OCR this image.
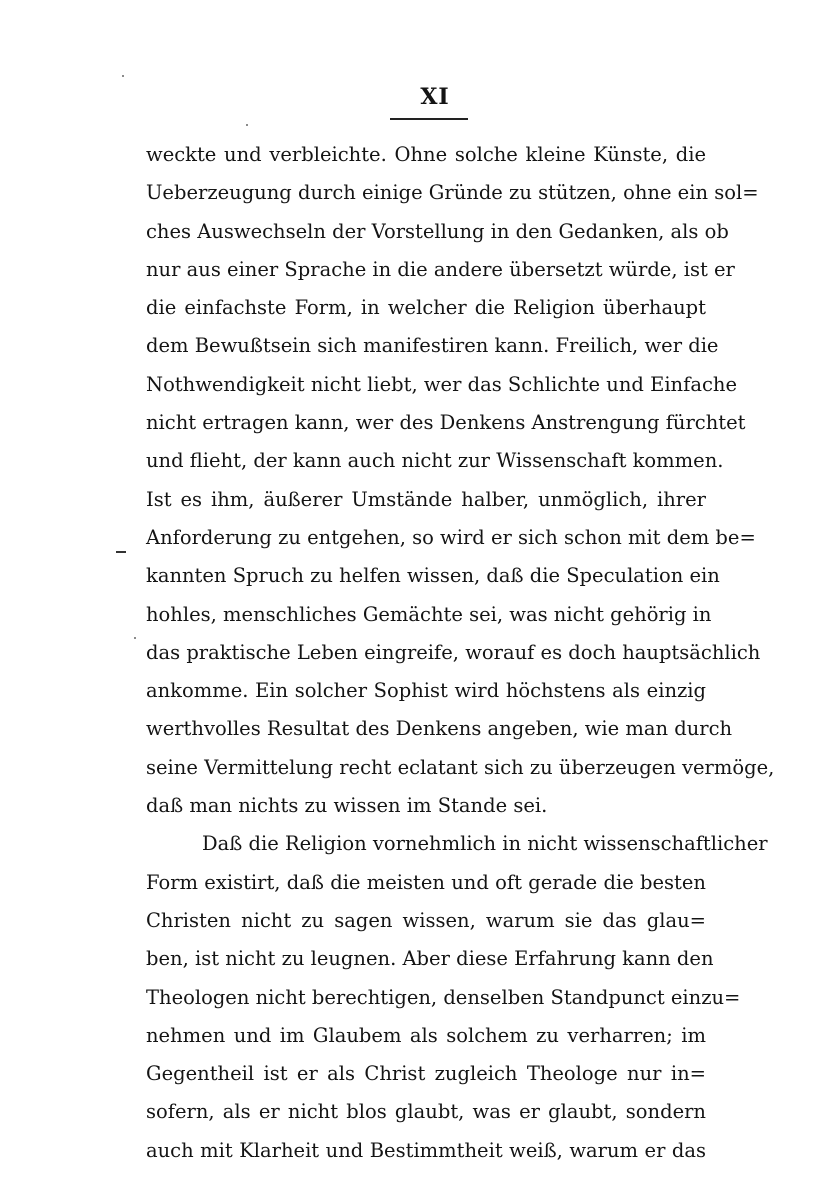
XI
weckte und verbleichte. Ohne solche kleine Künste, die
Ueberzeugung durch einige Gründe zu stützen, ohne ein sol=
ches Auswechseln der Vorstellung in den Gedanken, als ob
nur aus einer Sprache in die andere übersetzt würde, ist er
die einfachste Form, in welcher die Religion überhaupt
dem Bewußtsein sich manifestiren kann. Freilich, wer die
Nothwendigkeit nicht liebt, wer das Schlichte und Einfache
nicht ertragen kann, wer des Denkens Anstrengung fürchtet
und flieht, der kann auch nicht zur Wissenschaft kommen.
Ist es ihm, äußerer Umstände halber, unmöglich, ihrer
Anforderung zu entgehen, so wird er sich schon mit dem be=
kannten Spruch zu helfen wissen, daß die Speculation ein
hohles, menschliches Gemächte sei, was nicht gehörig in
das praktische Leben eingreife, worauf es doch hauptsächlich
ankomme. Ein solcher Sophist wird höchstens als einzig
werthvolles Resultat des Denkens angeben, wie man durch
seine Vermittelung recht eclatant sich zu überzeugen vermöge,
daß man nichts zu wissen im Stande sei.
Daß die Religion vornehmlich in nicht wissenschaftlicher
Form existirt, daß die meisten und oft gerade die besten
Christen nicht zu sagen wissen, warum sie das glau=
ben, ist nicht zu leugnen. Aber diese Erfahrung kann den
Theologen nicht berechtigen, denselben Standpunct einzu=
nehmen und im Glaubem als solchem zu verharren; im
Gegentheil ist er als Christ zugleich Theologe nur in=
sofern, als er nicht blos glaubt, was er glaubt, sondern
auch mit Klarheit und Bestimmtheit weiß, warum er das
